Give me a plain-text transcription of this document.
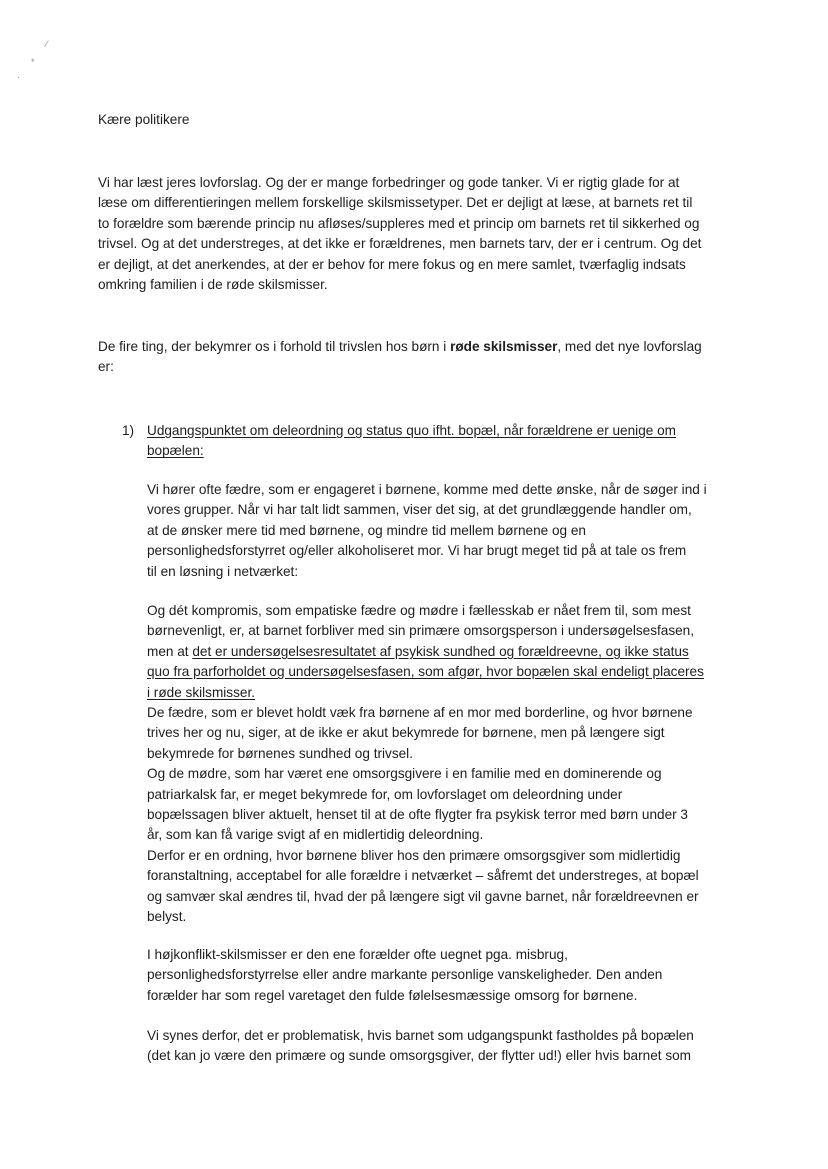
⁄
*
·

Kære politikere

Vi har læst jeres lovforslag. Og der er mange forbedringer og gode tanker. Vi er rigtig glade for at
læse om differentieringen mellem forskellige skilsmissetyper. Det er dejligt at læse, at barnets ret til
to forældre som bærende princip nu afløses/suppleres med et princip om barnets ret til sikkerhed og
trivsel. Og at det understreges, at det ikke er forældrenes, men barnets tarv, der er i centrum. Og det
er dejligt, at det anerkendes, at der er behov for mere fokus og en mere samlet, tværfaglig indsats
omkring familien i de røde skilsmisser.
De fire ting, der bekymrer os i forhold til trivslen hos børn i røde skilsmisser, med det nye lovforslag
er:
1) Udgangspunktet om deleordning og status quo ifht. bopæl, når forældrene er uenige om
bopælen:
Vi hører ofte fædre, som er engageret i børnene, komme med dette ønske, når de søger ind i
vores grupper. Når vi har talt lidt sammen, viser det sig, at det grundlæggende handler om,
at de ønsker mere tid med børnene, og mindre tid mellem børnene og en
personlighedsforstyrret og/eller alkoholiseret mor. Vi har brugt meget tid på at tale os frem
til en løsning i netværket:
Og dét kompromis, som empatiske fædre og mødre i fællesskab er nået frem til, som mest
børnevenligt, er, at barnet forbliver med sin primære omsorgsperson i undersøgelsesfasen,
men at det er undersøgelsesresultatet af psykisk sundhed og forældreevne, og ikke status
quo fra parforholdet og undersøgelsesfasen, som afgør, hvor bopælen skal endeligt placeres
i røde skilsmisser.
De fædre, som er blevet holdt væk fra børnene af en mor med borderline, og hvor børnene
trives her og nu, siger, at de ikke er akut bekymrede for børnene, men på længere sigt
bekymrede for børnenes sundhed og trivsel.
Og de mødre, som har været ene omsorgsgivere i en familie med en dominerende og
patriarkalsk far, er meget bekymrede for, om lovforslaget om deleordning under
bopælssagen bliver aktuelt, henset til at de ofte flygter fra psykisk terror med børn under 3
år, som kan få varige svigt af en midlertidig deleordning.
Derfor er en ordning, hvor børnene bliver hos den primære omsorgsgiver som midlertidig
foranstaltning, acceptabel for alle forældre i netværket – såfremt det understreges, at bopæl
og samvær skal ændres til, hvad der på længere sigt vil gavne barnet, når forældreevnen er
belyst.
I højkonflikt-skilsmisser er den ene forælder ofte uegnet pga. misbrug,
personlighedsforstyrrelse eller andre markante personlige vanskeligheder. Den anden
forælder har som regel varetaget den fulde følelsesmæssige omsorg for børnene.
Vi synes derfor, det er problematisk, hvis barnet som udgangspunkt fastholdes på bopælen
(det kan jo være den primære og sunde omsorgsgiver, der flytter ud!) eller hvis barnet som
